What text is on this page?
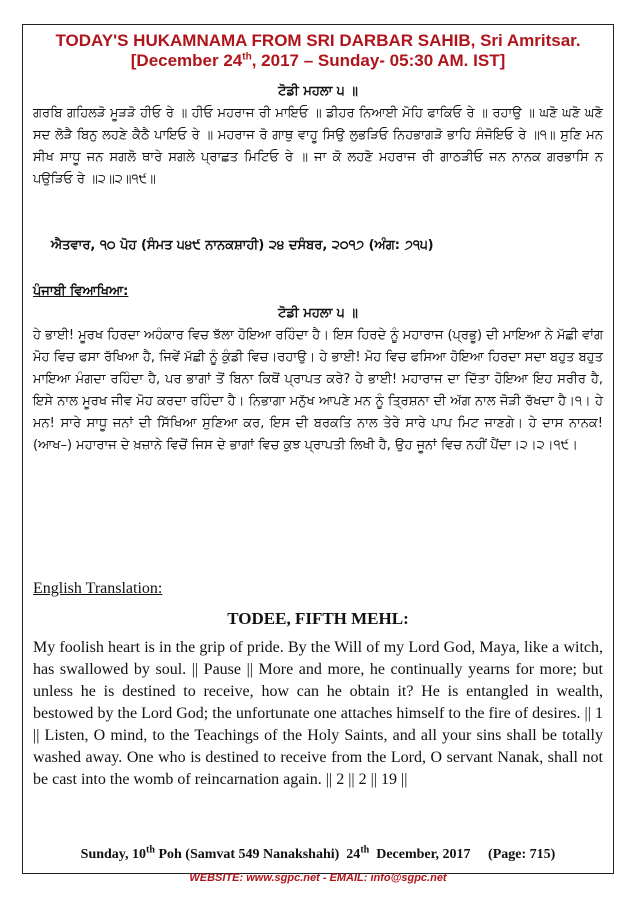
TODAY'S HUKAMNAMA FROM SRI DARBAR SAHIB, Sri Amritsar.
[December 24th, 2017 – Sunday- 05:30 AM. IST]
ਟੋਡੀ ਮਹਲਾ ੫ ॥
ਗਰਬਿ ਗਹਿਲੜੋ ਮੂੜੜੋ ਹੀਓ ਰੇ ॥ ਹੀਓ ਮਹਰਾਜ ਰੀ ਮਾਇਓ ॥ ਡੀਹਰ ਨਿਆਈ ਮੋਹਿ ਫਾਕਿਓ ਰੇ ॥ ਰਹਾਉ ॥ ਘਣੋ ਘਣੋ ਘਣੋ ਸਦ ਲੋੜੈ ਬਿਨੁ ਲਹਣੇ ਕੈਠੈ ਪਾਇਓ ਰੇ ॥ ਮਹਰਾਜ ਰੋ ਗਾਥੁ ਵਾਹੂ ਸਿਉ ਲੁਭੜਿਓ ਨਿਹਭਾਗੜੋ ਭਾਹਿ ਸੰਜੋਇਓ ਰੇ ॥੧॥ ਸੁਣਿ ਮਨ ਸੀਖ ਸਾਧੂ ਜਨ ਸਗਲੋ ਥਾਰੇ ਸਗਲੇ ਪ੍ਰਾਛਤ ਮਿਟਿਓ ਰੇ ॥ ਜਾ ਕੋ ਲਹਣੋ ਮਹਰਾਜ ਰੀ ਗਾਠੜੀਓ ਜਨ ਨਾਨਕ ਗਰਭਾਸਿ ਨ ਪਉੜਿਓ ਰੇ ॥੨॥੨॥੧੯॥
ਐਤਵਾਰ, ੧੦ ਪੋਹ (ਸੰਮਤ ੫੪੯ ਨਾਨਕਸ਼ਾਹੀ) ੨੪ ਦਸੰਬਰ, ੨੦੧੭ (ਅੰਗ: ੭੧੫)
ਪੰਜਾਬੀ ਵਿਆਖਿਆ:
ਟੋਡੀ ਮਹਲਾ ੫ ॥
ਹੇ ਭਾਈ! ਮੂਰਖ ਹਿਰਦਾ ਅਹੰਕਾਰ ਵਿਚ ਝੱਲਾ ਹੋਇਆ ਰਹਿੰਦਾ ਹੈ। ਇਸ ਹਿਰਦੇ ਨੂੰ ਮਹਾਰਾਜ (ਪ੍ਰਭੂ) ਦੀ ਮਾਇਆ ਨੇ ਮੱਛੀ ਵਾਂਗ ਮੋਹ ਵਿਚ ਫਸਾ ਰੱਖਿਆ ਹੈ, ਜਿਵੇਂ ਮੱਛੀ ਨੂੰ ਕੁੰਡੀ ਵਿਚ।ਰਹਾਉ। ਹੇ ਭਾਈ! ਮੋਹ ਵਿਚ ਫਸਿਆ ਹੋਇਆ ਹਿਰਦਾ ਸਦਾ ਬਹੁਤ ਬਹੁਤ ਮਾਇਆ ਮੰਗਦਾ ਰਹਿੰਦਾ ਹੈ, ਪਰ ਭਾਗਾਂ ਤੋਂ ਬਿਨਾ ਕਿਥੋਂ ਪ੍ਰਾਪਤ ਕਰੇ? ਹੇ ਭਾਈ! ਮਹਾਰਾਜ ਦਾ ਦਿੱਤਾ ਹੋਇਆ ਇਹ ਸਰੀਰ ਹੈ, ਇਸੇ ਨਾਲ ਮੂਰਖ ਜੀਵ ਮੋਹ ਕਰਦਾ ਰਹਿੰਦਾ ਹੈ। ਨਿਭਾਗਾ ਮਨੁੱਖ ਆਪਣੇ ਮਨ ਨੂੰ ਤ੍ਰਿਸ਼ਨਾ ਦੀ ਅੱਗ ਨਾਲ ਜੋੜੀ ਰੱਖਦਾ ਹੈ।੧। ਹੇ ਮਨ! ਸਾਰੇ ਸਾਧੂ ਜਨਾਂ ਦੀ ਸਿੱਖਿਆ ਸੁਣਿਆ ਕਰ, ਇਸ ਦੀ ਬਰਕਤਿ ਨਾਲ ਤੇਰੇ ਸਾਰੇ ਪਾਪ ਮਿਟ ਜਾਣਗੇ। ਹੇ ਦਾਸ ਨਾਨਕ! (ਆਖ–) ਮਹਾਰਾਜ ਦੇ ਖ਼ਜ਼ਾਨੇ ਵਿਚੋਂ ਜਿਸ ਦੇ ਭਾਗਾਂ ਵਿਚ ਕੁਝ ਪ੍ਰਾਪਤੀ ਲਿਖੀ ਹੈ, ਉਹ ਜੂਨਾਂ ਵਿਚ ਨਹੀਂ ਪੈਂਦਾ।੨।੨।੧੯।
English Translation:
TODEE, FIFTH MEHL:
My foolish heart is in the grip of pride. By the Will of my Lord God, Maya, like a witch, has swallowed by soul. || Pause || More and more, he continually yearns for more; but unless he is destined to receive, how can he obtain it? He is entangled in wealth, bestowed by the Lord God; the unfortunate one attaches himself to the fire of desires. || 1 || Listen, O mind, to the Teachings of the Holy Saints, and all your sins shall be totally washed away. One who is destined to receive from the Lord, O servant Nanak, shall not be cast into the womb of reincarnation again. || 2 || 2 || 19 ||
Sunday, 10th Poh (Samvat 549 Nanakshahi)  24th  December, 2017     (Page: 715)
WEBSITE: www.sgpc.net - EMAIL: info@sgpc.net
